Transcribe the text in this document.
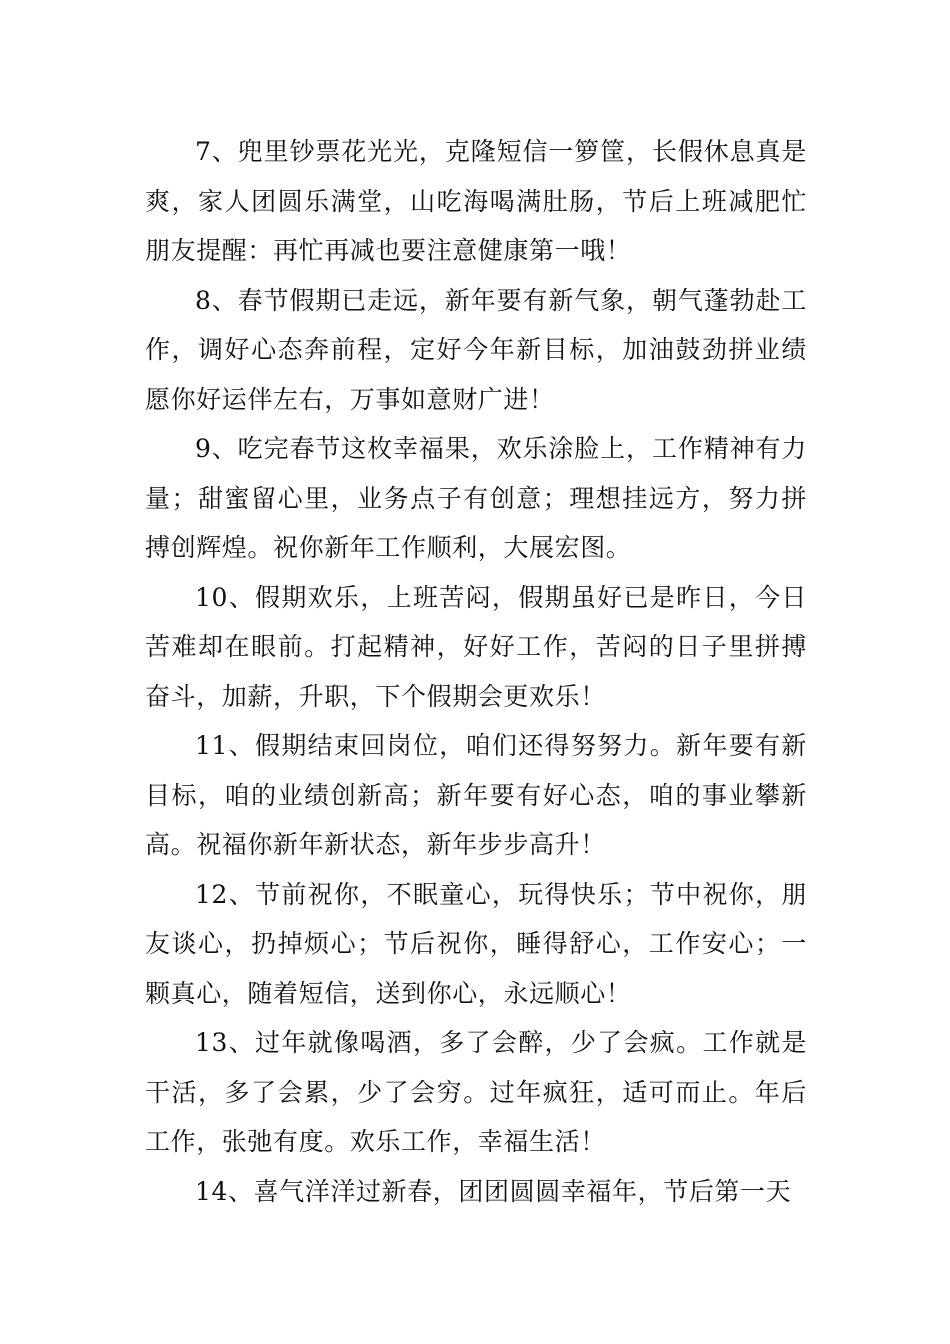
7、兜里钞票花光光，克隆短信一箩筐，长假休息真是爽，家人团圆乐满堂，山吃海喝满肚肠，节后上班减肥忙朋友提醒：再忙再减也要注意健康第一哦！

8、春节假期已走远，新年要有新气象，朝气蓬勃赴工作，调好心态奔前程，定好今年新目标，加油鼓劲拼业绩愿你好运伴左右，万事如意财广进！

9、吃完春节这枚幸福果，欢乐涂脸上，工作精神有力量；甜蜜留心里，业务点子有创意；理想挂远方，努力拼搏创辉煌。祝你新年工作顺利，大展宏图。

10、假期欢乐，上班苦闷，假期虽好已是昨日，今日苦难却在眼前。打起精神，好好工作，苦闷的日子里拼搏奋斗，加薪，升职，下个假期会更欢乐！

11、假期结束回岗位，咱们还得努努力。新年要有新目标，咱的业绩创新高；新年要有好心态，咱的事业攀新高。祝福你新年新状态，新年步步高升！

12、节前祝你，不眠童心，玩得快乐；节中祝你，朋友谈心，扔掉烦心；节后祝你，睡得舒心，工作安心；一颗真心，随着短信，送到你心，永远顺心！

13、过年就像喝酒，多了会醉，少了会疯。工作就是干活，多了会累，少了会穷。过年疯狂，适可而止。年后工作，张弛有度。欢乐工作，幸福生活！

14、喜气洋洋过新春，团团圆圆幸福年，节后第一天
